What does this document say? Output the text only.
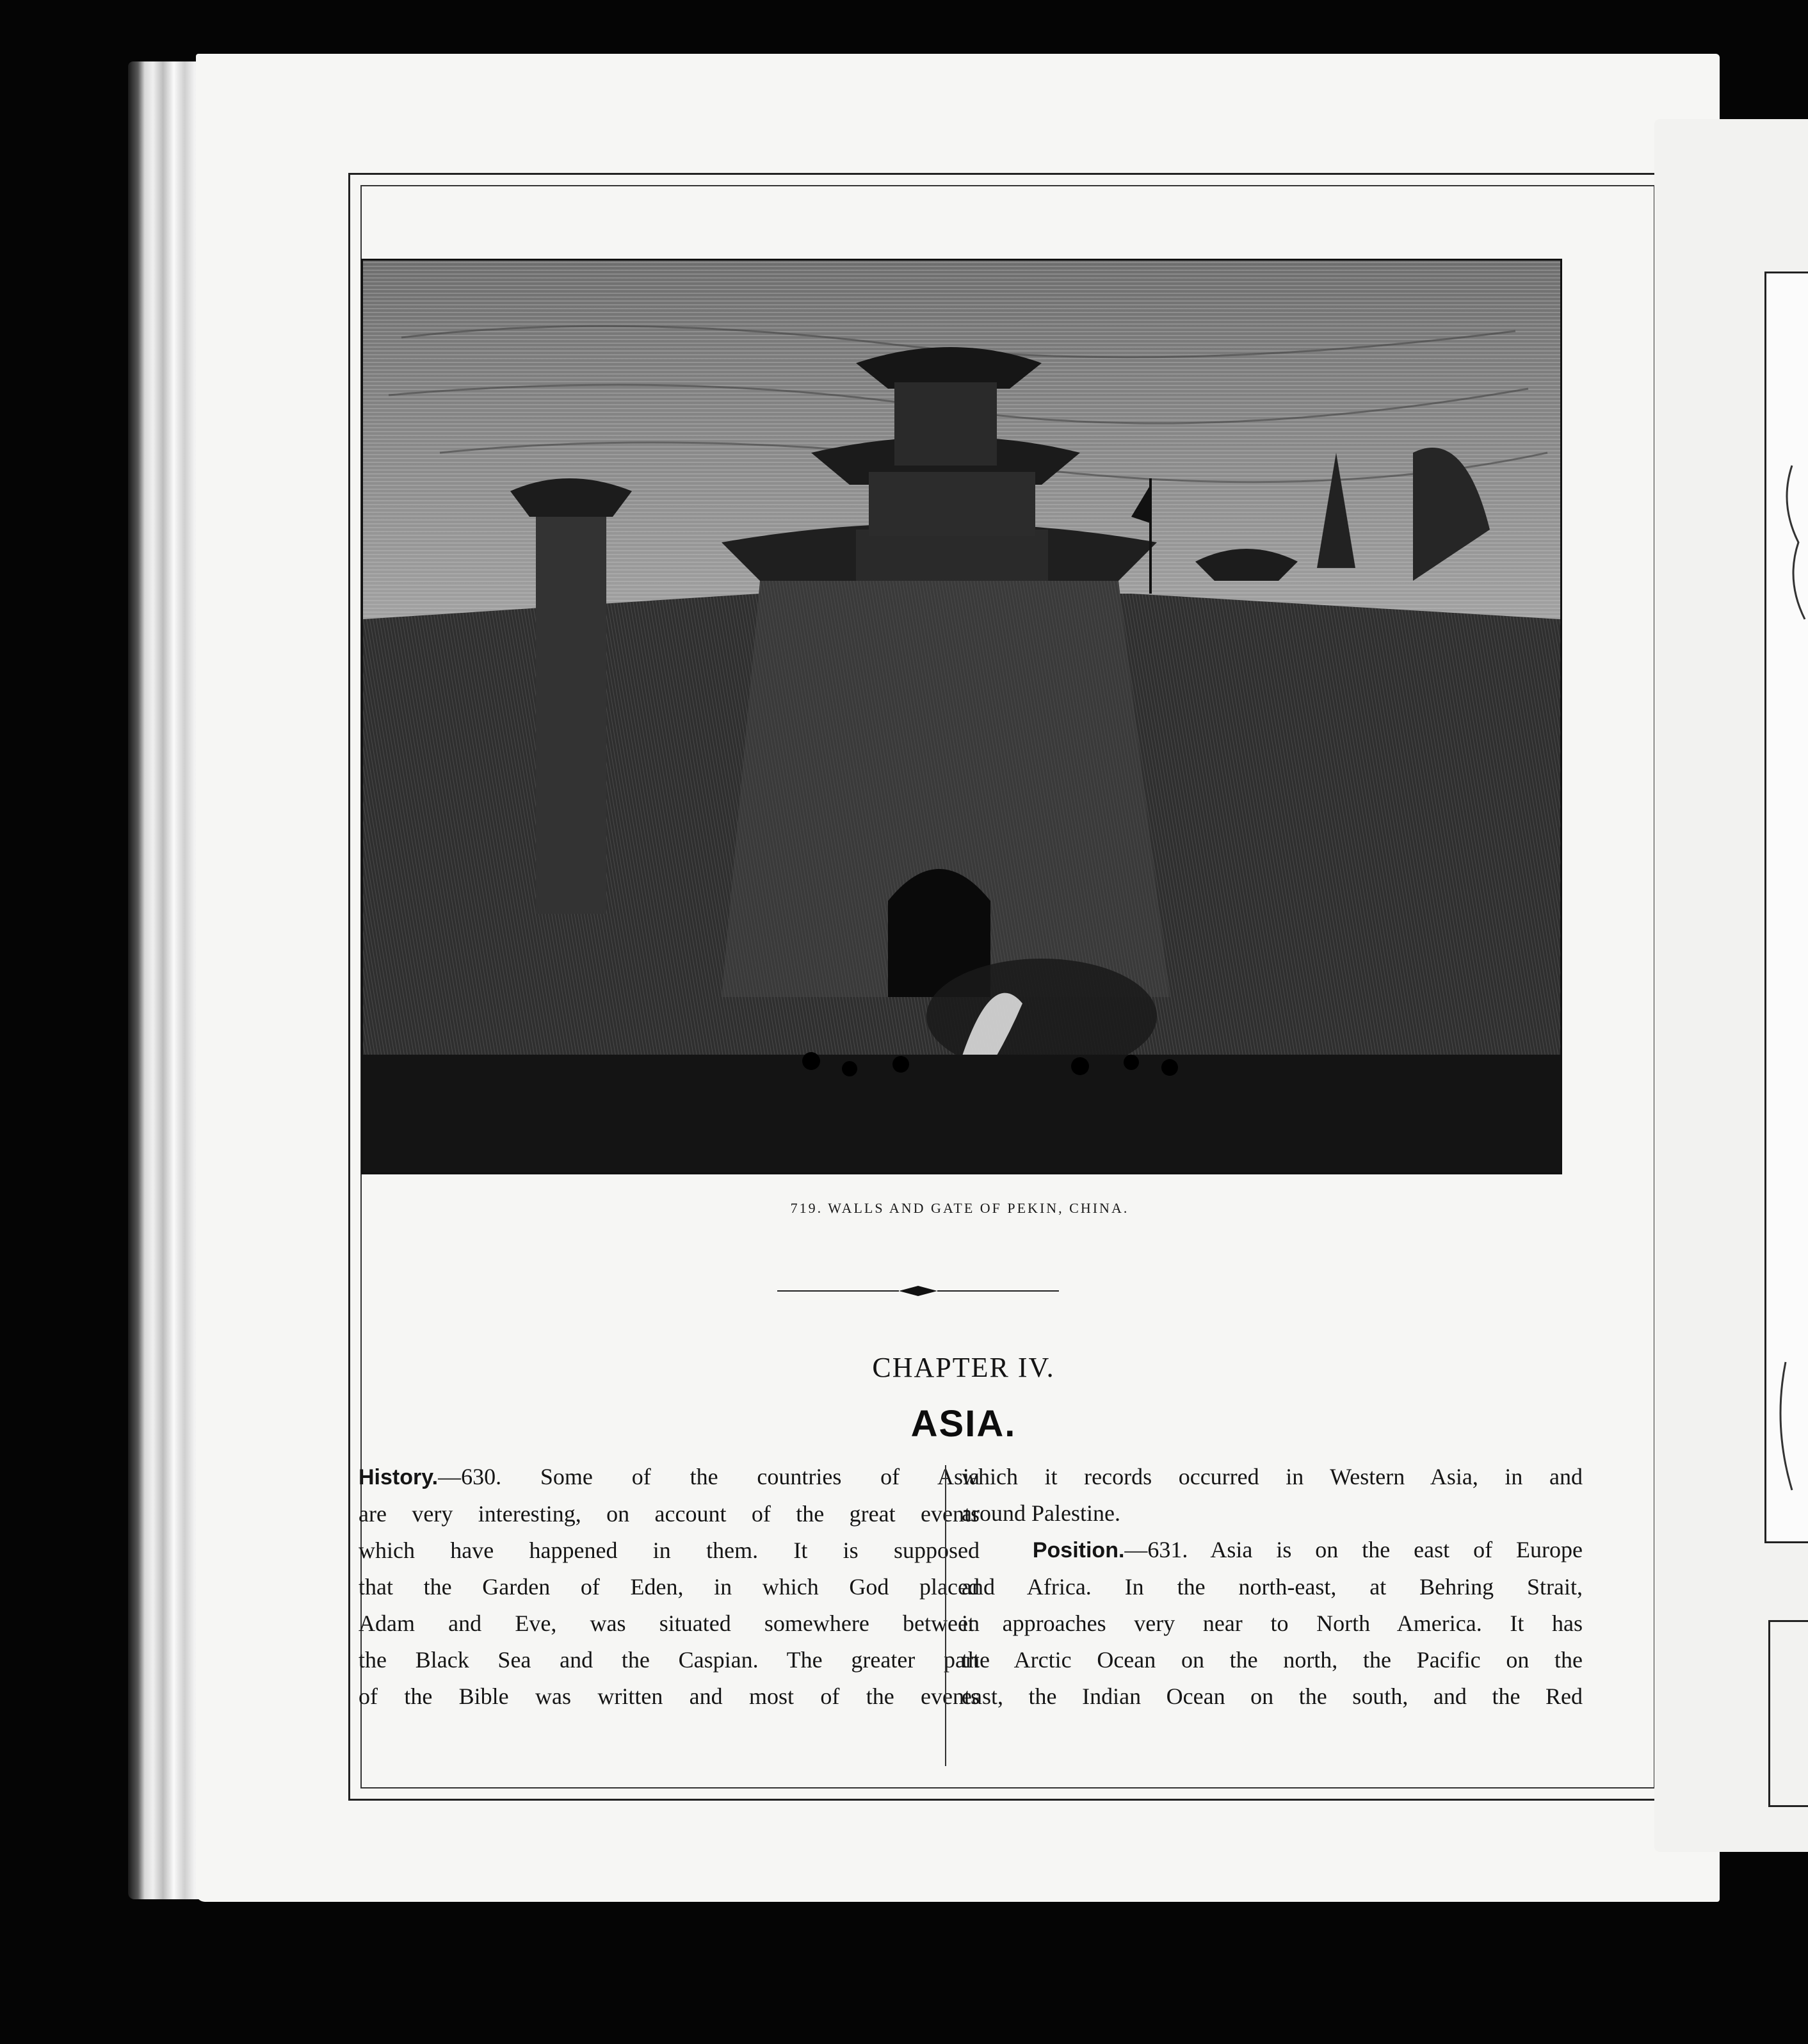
719. WALLS AND GATE OF PEKIN, CHINA.
CHAPTER IV.
ASIA.
History.—630. Some of the countries of Asia
are very interesting, on account of the great events
which have happened in them. It is supposed
that the Garden of Eden, in which God placed
Adam and Eve, was situated somewhere between
the Black Sea and the Caspian. The greater part
of the Bible was written and most of the events
which it records occurred in Western Asia, in and
around Palestine.
Position.—631. Asia is on the east of Europe
and Africa. In the north-east, at Behring Strait,
it approaches very near to North America. It has
the Arctic Ocean on the north, the Pacific on the
east, the Indian Ocean on the south, and the Red
